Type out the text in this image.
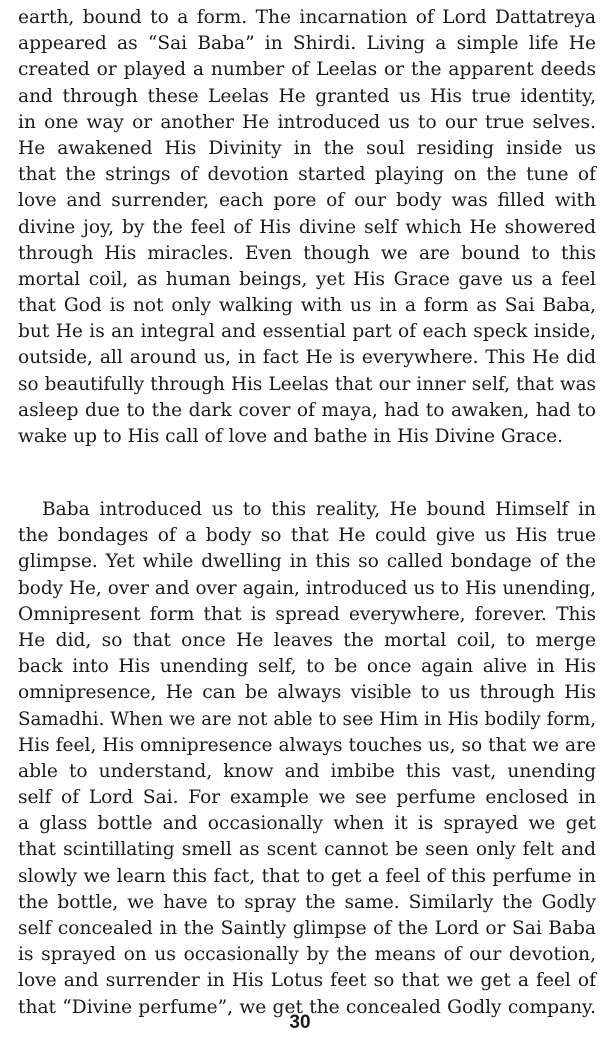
earth, bound to a form. The incarnation of Lord Dattatreya
appeared as “Sai Baba” in Shirdi. Living a simple life He
created or played a number of Leelas or the apparent deeds
and through these Leelas He granted us His true identity,
in one way or another He introduced us to our true selves.
He awakened His Divinity in the soul residing inside us
that the strings of devotion started playing on the tune of
love and surrender, each pore of our body was filled with
divine joy, by the feel of His divine self which He showered
through His miracles. Even though we are bound to this
mortal coil, as human beings, yet His Grace gave us a feel
that God is not only walking with us in a form as Sai Baba,
but He is an integral and essential part of each speck inside,
outside, all around us, in fact He is everywhere. This He did
so beautifully through His Leelas that our inner self, that was
asleep due to the dark cover of maya, had to awaken, had to
wake up to His call of love and bathe in His Divine Grace.
Baba introduced us to this reality, He bound Himself in
the bondages of a body so that He could give us His true
glimpse. Yet while dwelling in this so called bondage of the
body He, over and over again, introduced us to His unending,
Omnipresent form that is spread everywhere, forever. This
He did, so that once He leaves the mortal coil, to merge
back into His unending self, to be once again alive in His
omnipresence, He can be always visible to us through His
Samadhi. When we are not able to see Him in His bodily form,
His feel, His omnipresence always touches us, so that we are
able to understand, know and imbibe this vast, unending
self of Lord Sai. For example we see perfume enclosed in
a glass bottle and occasionally when it is sprayed we get
that scintillating smell as scent cannot be seen only felt and
slowly we learn this fact, that to get a feel of this perfume in
the bottle, we have to spray the same. Similarly the Godly
self concealed in the Saintly glimpse of the Lord or Sai Baba
is sprayed on us occasionally by the means of our devotion,
love and surrender in His Lotus feet so that we get a feel of
that “Divine perfume”, we get the concealed Godly company.
30
